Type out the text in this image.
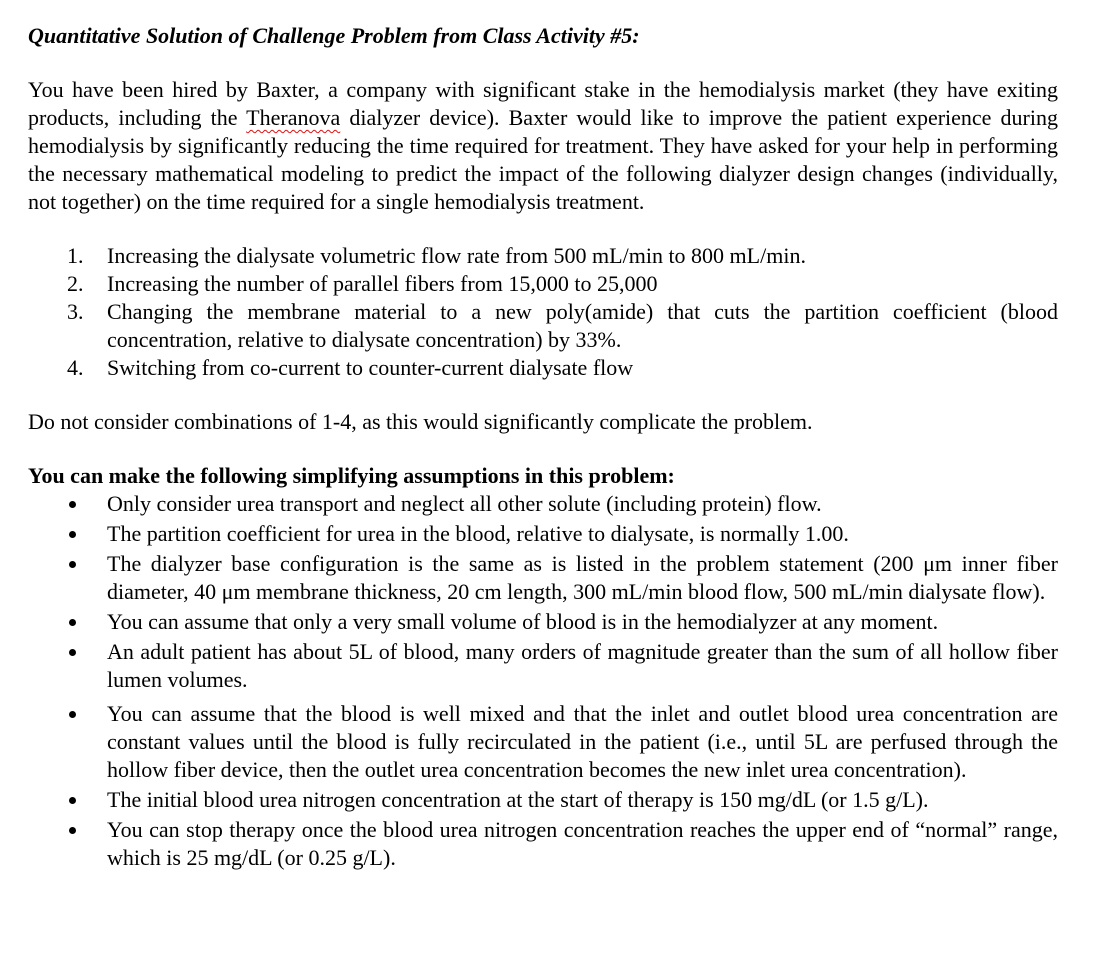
Quantitative Solution of Challenge Problem from Class Activity #5:

You have been hired by Baxter, a company with significant stake in the hemodialysis market (they have exiting products, including the Theranova dialyzer device). Baxter would like to improve the patient experience during hemodialysis by significantly reducing the time required for treatment. They have asked for your help in performing the necessary mathematical modeling to predict the impact of the following dialyzer design changes (individually, not together) on the time required for a single hemodialysis treatment.

1. Increasing the dialysate volumetric flow rate from 500 mL/min to 800 mL/min.
2. Increasing the number of parallel fibers from 15,000 to 25,000
3. Changing the membrane material to a new poly(amide) that cuts the partition coefficient (blood concentration, relative to dialysate concentration) by 33%.
4. Switching from co-current to counter-current dialysate flow

Do not consider combinations of 1-4, as this would significantly complicate the problem.

You can make the following simplifying assumptions in this problem:

Only consider urea transport and neglect all other solute (including protein) flow.
The partition coefficient for urea in the blood, relative to dialysate, is normally 1.00.
The dialyzer base configuration is the same as is listed in the problem statement (200 μm inner fiber diameter, 40 μm membrane thickness, 20 cm length, 300 mL/min blood flow, 500 mL/min dialysate flow).
You can assume that only a very small volume of blood is in the hemodialyzer at any moment.
An adult patient has about 5L of blood, many orders of magnitude greater than the sum of all hollow fiber lumen volumes.
You can assume that the blood is well mixed and that the inlet and outlet blood urea concentration are constant values until the blood is fully recirculated in the patient (i.e., until 5L are perfused through the hollow fiber device, then the outlet urea concentration becomes the new inlet urea concentration).
The initial blood urea nitrogen concentration at the start of therapy is 150 mg/dL (or 1.5 g/L).
You can stop therapy once the blood urea nitrogen concentration reaches the upper end of “normal” range, which is 25 mg/dL (or 0.25 g/L).
